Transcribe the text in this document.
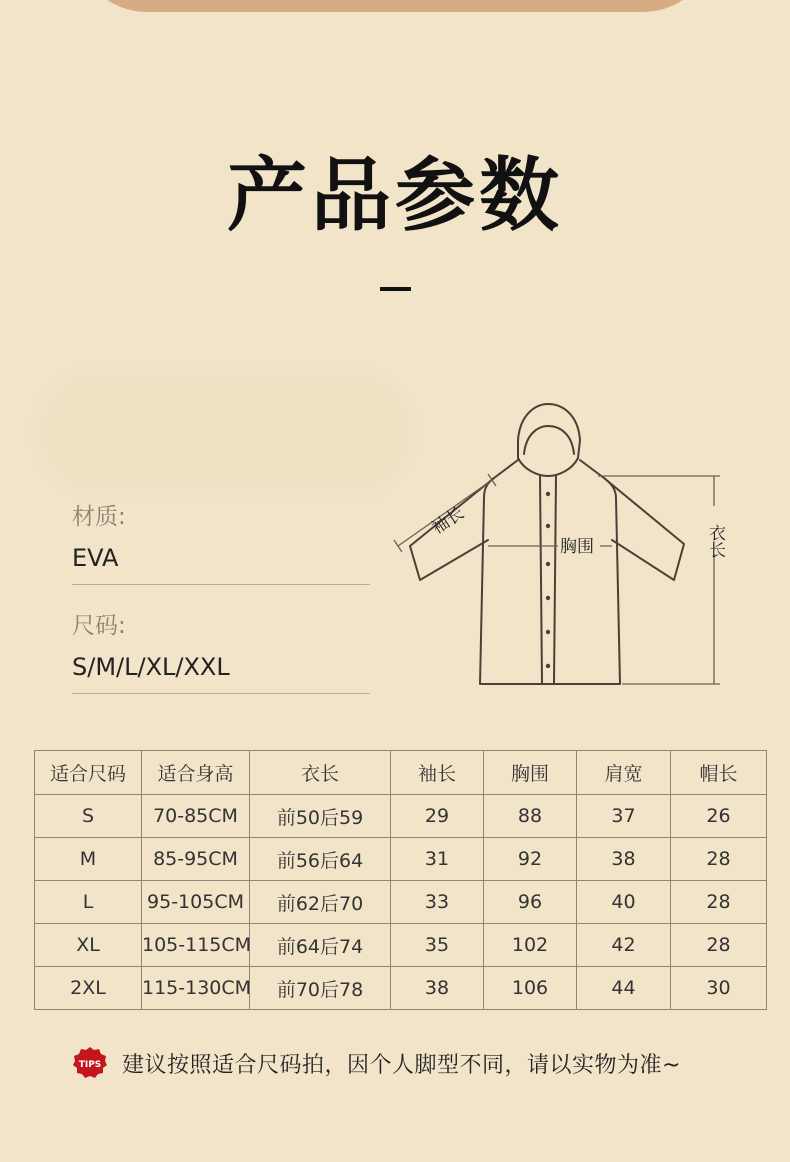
产品参数
材质:
EVA
尺码:
S/M/L/XL/XXL
袖长
胸围	衣长
适合尺码	适合身高	衣长	袖长	胸围	肩宽	帽长
S	70-85CM	前50后59	29	88	37	26
M	85-95CM	前56后64	31	92	38	28
L	95-105CM	前62后70	33	96	40	28
XL	105-115CM	前64后74	35	102	42	28
2XL	115-130CM	前70后78	38	106	44	30
TIPS 建议按照适合尺码拍，因个人脚型不同，请以实物为准~
